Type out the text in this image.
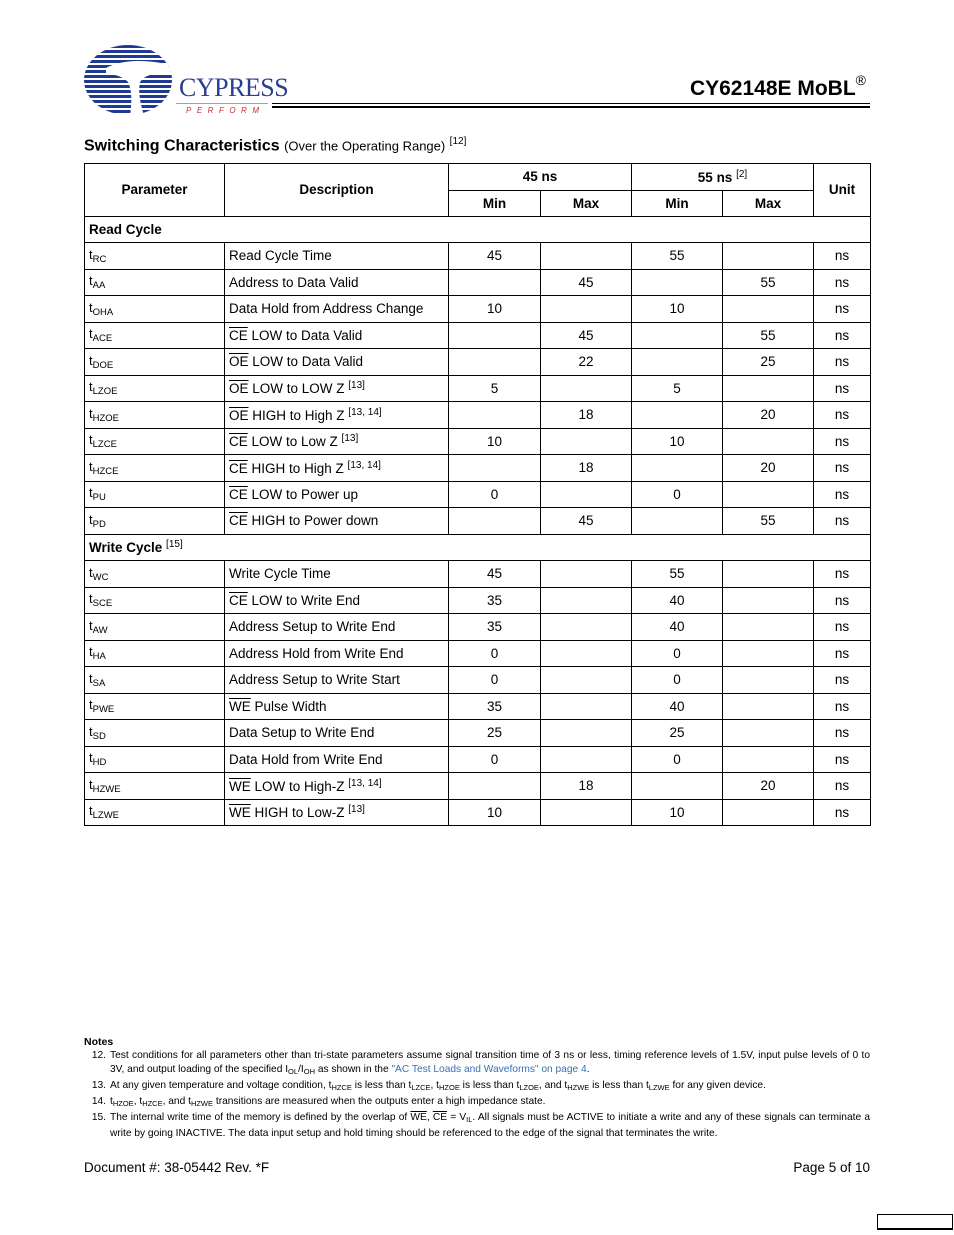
CYPRESS
PERFORM
CY62148E MoBL®
Switching Characteristics (Over the Operating Range) [12]
Parameter	Description	45 ns		55 ns [2]		Unit
		Min	Max	Min	Max	
Read Cycle						
$t_{RC}$	Read Cycle Time	45		55		ns
$t_{AA}$	Address to Data Valid		45		55	ns
$t_{OHA}$	Data Hold from Address Change	10		10		ns
$t_{ACE}$	$\overline{CE}$ LOW to Data Valid		45		55	ns
$t_{DOE}$	$\overline{OE}$ LOW to Data Valid		22		25	ns
$t_{LZOE}$	$\overline{OE}$ LOW to LOW Z [13]	5		5		ns
$t_{HZOE}$	$\overline{OE}$ HIGH to High Z [13, 14]		18		20	ns
$t_{LZCE}$	$\overline{CE}$ LOW to Low Z [13]	10		10		ns
$t_{HZCE}$	$\overline{CE}$ HIGH to High Z [13, 14]		18		20	ns
$t_{PU}$	$\overline{CE}$ LOW to Power up	0		0		ns
$t_{PD}$	$\overline{CE}$ HIGH to Power down		45		55	ns
Write Cycle [15]
$t_{WC}$	Write Cycle Time	45		55		ns
$t_{SCE}$	$\overline{CE}$ LOW to Write End	35		40		ns
$t_{AW}$	Address Setup to Write End	35		40		ns
$t_{HA}$	Address Hold from Write End	0		0		ns
$t_{SA}$	Address Setup to Write Start	0		0		ns
$t_{PWE}$	$\overline{WE}$ Pulse Width	35		40		ns
$t_{SD}$	Data Setup to Write End	25		25		ns
$t_{HD}$	Data Hold from Write End	0		0		ns
$t_{HZWE}$	$\overline{WE}$ LOW to High-Z [13, 14]		18		20	ns
$t_{LZWE}$	$\overline{WE}$ HIGH to Low-Z [13]	10		10		ns
Notes
12. Test conditions for all parameters other than tri-state parameters assume signal transition time of 3 ns or less, timing reference levels of 1.5V, input pulse levels of 0 to 3V, and output loading of the specified $I_{OL}/I_{OH}$ as shown in the "AC Test Loads and Waveforms" on page 4.
13. At any given temperature and voltage condition, $t_{HZCE}$ is less than $t_{LZCE}$, $t_{HZOE}$ is less than $t_{LZOE}$, and $t_{HZWE}$ is less than $t_{LZWE}$ for any given device.
14. $t_{HZOE}$, $t_{HZCE}$, and $t_{HZWE}$ transitions are measured when the outputs enter a high impedance state.
15. The internal write time of the memory is defined by the overlap of $\overline{WE}$, $\overline{CE} = V_{IL}$. All signals must be ACTIVE to initiate a write and any of these signals can terminate a write by going INACTIVE. The data input setup and hold timing should be referenced to the edge of the signal that terminates the write.
Document #: 38-05442 Rev. *F	Page 5 of 10
